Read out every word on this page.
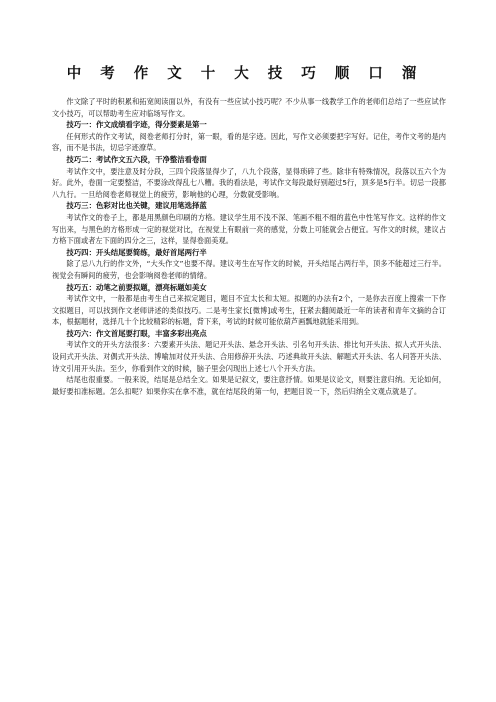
中考作文十大技巧顺口溜

作文除了平时的积累和拓宽阅读面以外，有没有一些应试小技巧呢？不少从事一线教学工作的老师们总结了一些应试作文小技巧，可以帮助考生应对临场写作文。

技巧一：作文成绩看字迹，得分要素是第一

任何形式的作文考试，阅卷老师打分时，第一眼，看的是字迹。因此，写作文必须要把字写好。记住，考作文考的是内容，而不是书法，切忌字迹潦草。

技巧二：考试作文五六段，干净整洁看卷面

考试作文中，要注意及时分段，三四个段落显得少了，八九个段落，显得琐碎了些。除非有特殊情况，段落以五六个为好。此外，卷面一定要整洁，不要涂改得乱七八糟。我的看法是，考试作文每段最好别超过5行，顶多是5行半。切忌一段都八九行。一旦给阅卷老师视觉上的疲劳，影响他的心理，分数就受影响。

技巧三：色彩对比也关键，建议用笔选择蓝

考试作文的卷子上，都是用黑颜色印刷的方格。建议学生用不浅不深、笔画不粗不细的蓝色中性笔写作文。这样的作文写出来，与黑色的方格形成一定的视觉对比，在视觉上有眼前一亮的感觉，分数上可能就会占便宜。写作文的时候，建议占方格下面或者左下面的四分之三，这样，显得卷面美观。

技巧四：开头结尾要简练，最好首尾两行半

除了忌八九行的作文外，“大头作文”也要不得。建议考生在写作文的时候，开头结尾占两行半，顶多不能超过三行半。视觉会有瞬间的疲劳，也会影响阅卷老师的情绪。

技巧五：动笔之前要拟题，漂亮标题如美女

考试作文中，一般都是由考生自己来拟定题目，题目不宜太长和太短。拟题的办法有2个，一是你去百度上搜索一下作文拟题目，可以找到作文老师讲述的类似技巧。二是考生家长[微博]或考生，狂紧去翻阅最近一年的读者和青年文摘的合订本，根据题材，选择几十个比较精彩的标题，背下来，考试的时候可能依葫芦画瓢地就能采用到。

技巧六：作文首尾要打眼，丰富多彩出亮点

考试作文的开头方法很多：六要素开头法、题记开头法、悬念开头法、引名句开头法、排比句开头法、拟人式开头法、设问式开头法、对偶式开头法、博喻加对仗开头法、合用修辞开头法、巧述典故开头法、解题式开头法、名人问答开头法、诗文引用开头法。至少，你看到作文的时候，脑子里会闪现出上述七八个开头方法。

结尾也很重要。一般来说，结尾是总结全文。如果是记叙文，要注意抒情。如果是议论文，则要注意归纳。无论如何，最好要扣准标题。怎么扣呢？如果你实在拿不准，就在结尾段的第一句，把题目说一下，然后归纳全文观点就是了。
